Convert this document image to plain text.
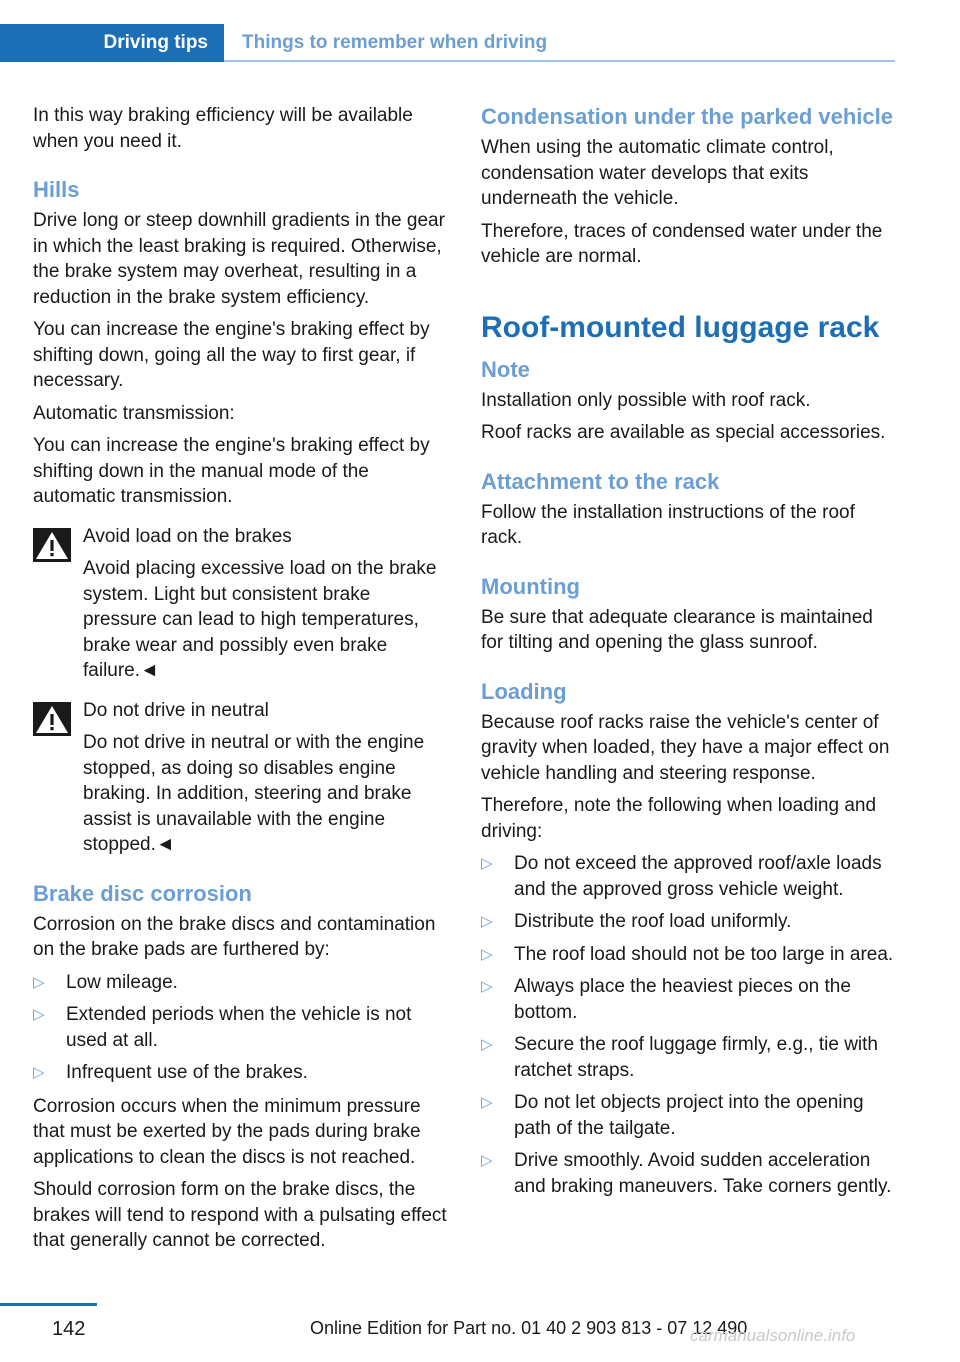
Driving tips	Things to remember when driving

In this way braking efficiency will be available when you need it.

Hills

Drive long or steep downhill gradients in the gear in which the least braking is required. Otherwise, the brake system may overheat, resulting in a reduction in the brake system efficiency.

You can increase the engine's braking effect by shifting down, going all the way to first gear, if necessary.

Automatic transmission:

You can increase the engine's braking effect by shifting down in the manual mode of the automatic transmission.

Avoid load on the brakes

Avoid placing excessive load on the brake system. Light but consistent brake pressure can lead to high temperatures, brake wear and possibly even brake failure.◄

Do not drive in neutral

Do not drive in neutral or with the engine stopped, as doing so disables engine braking. In addition, steering and brake assist is unavailable with the engine stopped.◄

Brake disc corrosion

Corrosion on the brake discs and contamination on the brake pads are furthered by:

▷ Low mileage.
▷ Extended periods when the vehicle is not used at all.
▷ Infrequent use of the brakes.

Corrosion occurs when the minimum pressure that must be exerted by the pads during brake applications to clean the discs is not reached.

Should corrosion form on the brake discs, the brakes will tend to respond with a pulsating effect that generally cannot be corrected.

Condensation under the parked vehicle

When using the automatic climate control, condensation water develops that exits underneath the vehicle.

Therefore, traces of condensed water under the vehicle are normal.

Roof-mounted luggage rack
Note

Installation only possible with roof rack.

Roof racks are available as special accessories.

Attachment to the rack

Follow the installation instructions of the roof rack.

Mounting

Be sure that adequate clearance is maintained for tilting and opening the glass sunroof.

Loading

Because roof racks raise the vehicle's center of gravity when loaded, they have a major effect on vehicle handling and steering response.

Therefore, note the following when loading and driving:

▷ Do not exceed the approved roof/axle loads and the approved gross vehicle weight.
▷ Distribute the roof load uniformly.
▷ The roof load should not be too large in area.
▷ Always place the heaviest pieces on the bottom.
▷ Secure the roof luggage firmly, e.g., tie with ratchet straps.
▷ Do not let objects project into the opening path of the tailgate.
▷ Drive smoothly. Avoid sudden acceleration and braking maneuvers. Take corners gently.
142	Online Edition for Part no. 01 40 2 903 813 - 07 12 490
carmanualsonline.info
